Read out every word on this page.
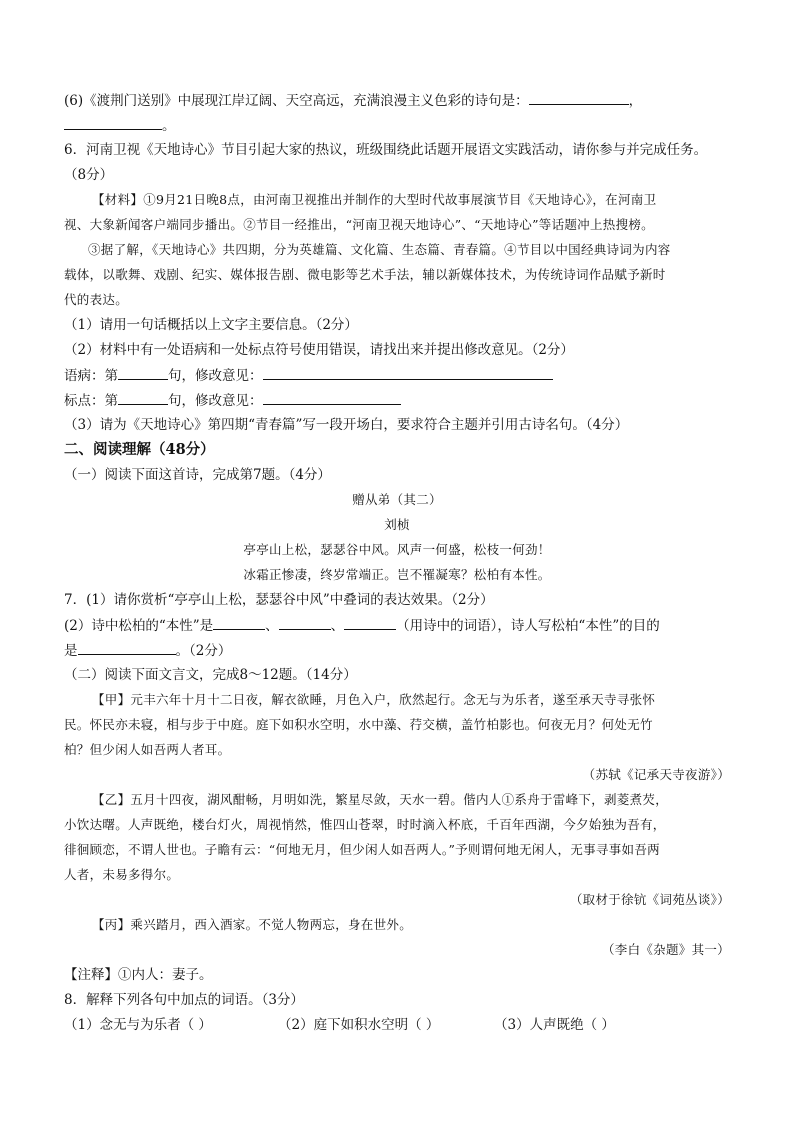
(6)《渡荆门送别》中展现江岸辽阔、天空高远，充满浪漫主义色彩的诗句是：	，
。
6．河南卫视《天地诗心》节目引起大家的热议，班级围绕此话题开展语文实践活动，请你参与并完成任务。
（8分）
【材料】①9月21日晚8点，由河南卫视推出并制作的大型时代故事展演节目《天地诗心》，在河南卫
视、大象新闻客户端同步播出。②节目一经推出，“河南卫视天地诗心”、“天地诗心”等话题冲上热搜榜。
③据了解，《天地诗心》共四期，分为英雄篇、文化篇、生态篇、青春篇。④节目以中国经典诗词为内容
载体，以歌舞、戏剧、纪实、媒体报告剧、微电影等艺术手法，辅以新媒体技术，为传统诗词作品赋予新时
代的表达。
（1）请用一句话概括以上文字主要信息。（2分）
（2）材料中有一处语病和一处标点符号使用错误，请找出来并提出修改意见。（2分）
语病：第	句，修改意见：
标点：第	句，修改意见：
（3）请为《天地诗心》第四期“青春篇”写一段开场白，要求符合主题并引用古诗名句。（4分）
二、阅读理解（48分）
（一）阅读下面这首诗，完成第7题。（4分）
赠从弟（其二）
刘桢
亭亭山上松，瑟瑟谷中风。风声一何盛，松枝一何劲！
冰霜正惨凄，终岁常端正。岂不罹凝寒？松柏有本性。
7．(1）请你赏析“亭亭山上松，瑟瑟谷中风”中叠词的表达效果。（2分）
(2）诗中松柏的“本性”是	、	、	（用诗中的词语），诗人写松柏“本性”的目的
是	。（2分）
（二）阅读下面文言文，完成8～12题。（14分）
【甲】元丰六年十月十二日夜，解衣欲睡，月色入户，欣然起行。念无与为乐者，遂至承天寺寻张怀
民。怀民亦未寝，相与步于中庭。庭下如积水空明，水中藻、荇交横，盖竹柏影也。何夜无月？何处无竹
柏？但少闲人如吾两人者耳。
（苏轼《记承天寺夜游》）
【乙】五月十四夜，湖风酣畅，月明如洗，繁星尽敛，天水一碧。偕内人①系舟于雷峰下，剥菱煮芡，
小饮达曙。人声既绝，楼台灯火，周视悄然，惟四山苍翠，时时滴入杯底，千百年西湖，今夕始独为吾有，
徘徊顾恋，不谓人世也。子瞻有云：“何地无月，但少闲人如吾两人。”予则谓何地无闲人，无事寻事如吾两
人者，未易多得尔。
（取材于徐钪《词苑丛谈》）
【丙】乘兴踏月，西入酒家。不觉人物两忘，身在世外。
（李白《杂题》其一）
【注释】①内人：妻子。
8．解释下列各句中加点的词语。（3分）
（1）念无与为乐者（ ）	（2）庭下如积水空明（ ）	（3）人声既绝（ ）
